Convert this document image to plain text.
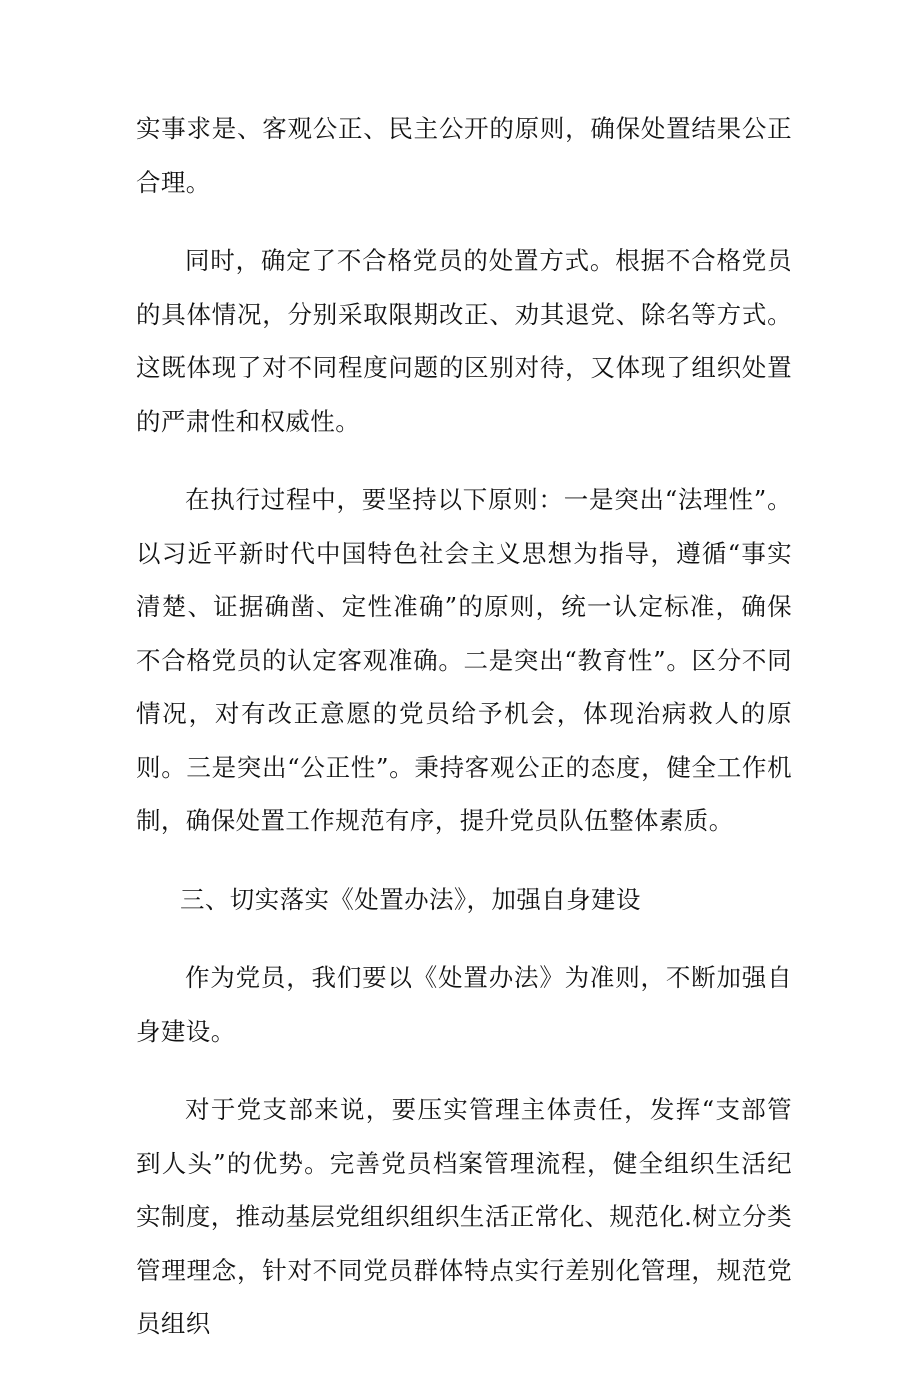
实事求是、客观公正、民主公开的原则，确保处置结果公正合理。

同时，确定了不合格党员的处置方式。根据不合格党员的具体情况，分别采取限期改正、劝其退党、除名等方式。这既体现了对不同程度问题的区别对待，又体现了组织处置的严肃性和权威性。

在执行过程中，要坚持以下原则：一是突出“法理性”。以习近平新时代中国特色社会主义思想为指导，遵循“事实清楚、证据确凿、定性准确”的原则，统一认定标准，确保不合格党员的认定客观准确。二是突出“教育性”。区分不同情况，对有改正意愿的党员给予机会，体现治病救人的原则。三是突出“公正性”。秉持客观公正的态度，健全工作机制，确保处置工作规范有序，提升党员队伍整体素质。

三、切实落实《处置办法》，加强自身建设

作为党员，我们要以《处置办法》为准则，不断加强自身建设。

对于党支部来说，要压实管理主体责任，发挥“支部管到人头”的优势。完善党员档案管理流程，健全组织生活纪实制度，推动基层党组织组织生活正常化、规范化.树立分类管理理念，针对不同党员群体特点实行差别化管理，规范党员组织
